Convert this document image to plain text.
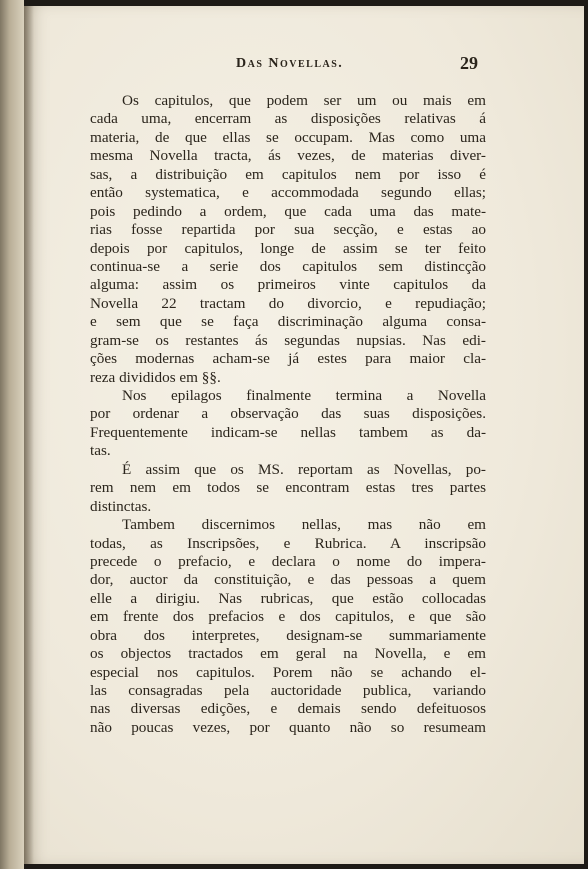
Das Novellas.	29
Os capitulos, que podem ser um ou mais em
cada uma, encerram as disposições relativas á
materia, de que ellas se occupam. Mas como uma
mesma Novella tracta, ás vezes, de materias diver-
sas, a distribuição em capitulos nem por isso é
então systematica, e accommodada segundo ellas;
pois pedindo a ordem, que cada uma das mate-
rias fosse repartida por sua secção, e estas ao
depois por capitulos, longe de assim se ter feito
continua-se a serie dos capitulos sem distincção
alguma: assim os primeiros vinte capitulos da
Novella 22 tractam do divorcio, e repudiação;
e sem que se faça discriminação alguma consa-
gram-se os restantes ás segundas nupsias. Nas edi-
ções modernas acham-se já estes para maior cla-
reza divididos em §§.
Nos epilagos finalmente termina a Novella
por ordenar a observação das suas disposições.
Frequentemente indicam-se nellas tambem as da-
tas.
É assim que os MS. reportam as Novellas, po-
rem nem em todos se encontram estas tres partes
distinctas.
Tambem discernimos nellas, mas não em
todas, as Inscripsões, e Rubrica. A inscripsão
precede o prefacio, e declara o nome do impera-
dor, auctor da constituição, e das pessoas a quem
elle a dirigiu. Nas rubricas, que estão collocadas
em frente dos prefacios e dos capitulos, e que são
obra dos interpretes, designam-se summariamente
os objectos tractados em geral na Novella, e em
especial nos capitulos. Porem não se achando el-
las consagradas pela auctoridade publica, variando
nas diversas edições, e demais sendo defeituosos
não poucas vezes, por quanto não so resumeam
